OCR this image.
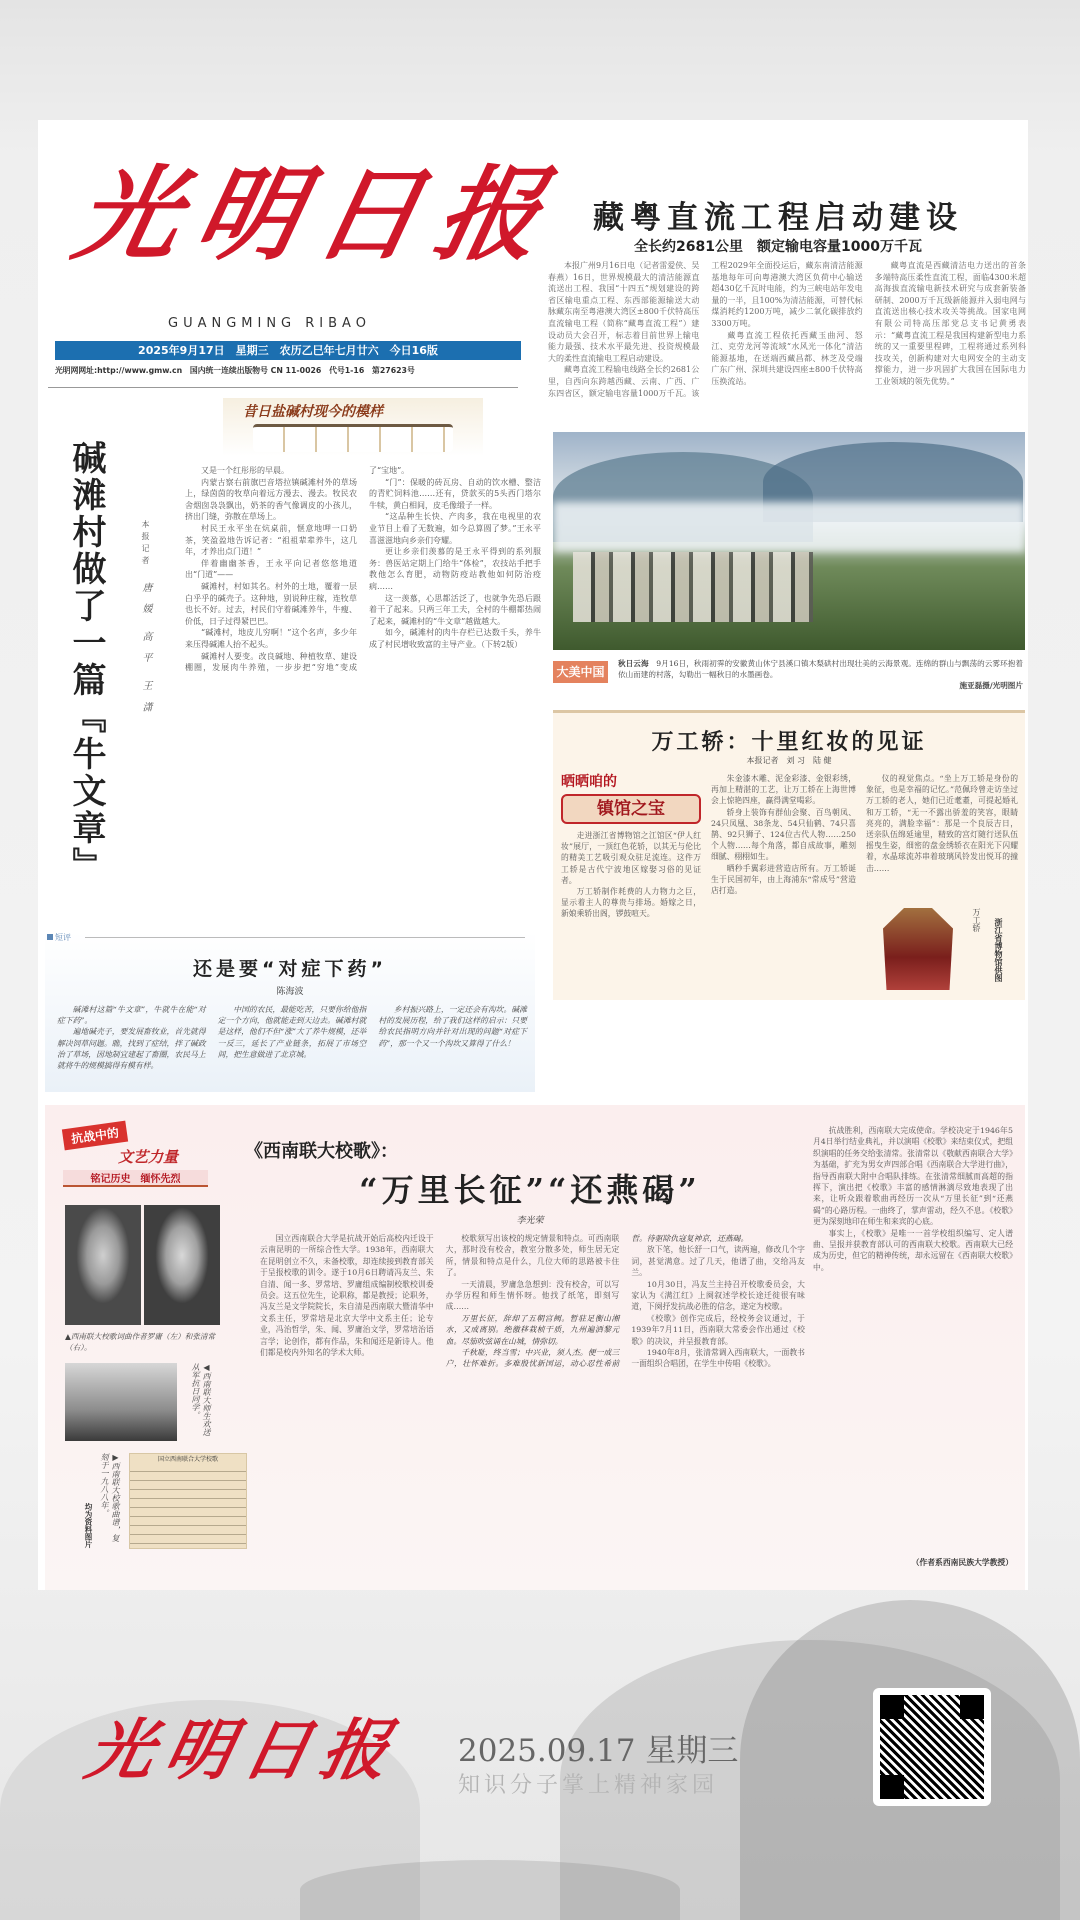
光明日报
GUANGMING RIBAO
2025年9月17日　星期三　农历乙巳年七月廿六　今日16版
光明网网址:http://www.gmw.cn　国内统一连续出版物号 CN 11-0026　代号1-16　第27623号
藏粤直流工程启动建设
全长约2681公里　额定输电容量1000万千瓦

本报广州9月16日电（记者雷爱侠、吴春燕）16日，世界规模最大的清洁能源直流送出工程、我国“十四五”规划建设的跨省区输电重点工程、东西部能源输送大动脉藏东南至粤港澳大湾区±800千伏特高压直流输电工程（简称“藏粤直流工程”）建设动员大会召开，标志着目前世界上输电能力最强、技术水平最先进、投资规模最大的柔性直流输电工程启动建设。

藏粤直流工程输电线路全长约2681公里，自西向东跨越西藏、云南、广西、广东四省区，额定输电容量1000万千瓦。该工程2029年全面投运后，藏东南清洁能源基地每年可向粤港澳大湾区负荷中心输送超430亿千瓦时电能，约为三峡电站年发电量的一半，且100%为清洁能源，可替代标煤消耗约1200万吨，减少二氧化碳排放约3300万吨。

藏粤直流工程依托西藏玉曲河、怒江、克劳龙河等流域“水风光一体化”清洁能源基地，在送端西藏昌都、林芝及受端广东广州、深圳共建设四座±800千伏特高压换流站。

藏粤直流是西藏清洁电力送出的首条多端特高压柔性直流工程，面临4300米超高海拔直流输电新技术研究与成套新装备研制、2000万千瓦级新能源并入弱电网与直流送出核心技术攻关等挑战。国家电网有限公司特高压部党总支书记黄勇表示：“藏粤直流工程是我国构建新型电力系统的又一重要里程碑，工程将通过系列科技攻关，创新构建对大电网安全的主动支撑能力，进一步巩固扩大我国在国际电力工业领域的领先优势。”

大美中国
秋日云海　 9月16日，秋雨初霁的安徽黄山休宁县溪口镇木梨硔村出现壮美的云海景观。连绵的群山与飘荡的云雾环抱着依山而建的村落，勾勒出一幅秋日的水墨画卷。
施亚磊摄/光明图片
万工轿：十里红妆的见证
本报记者　刘 习　陆 健
晒晒咱的
镇馆之宝

走进浙江省博物馆之江馆区“伊人红妆”展厅，一顶红色花轿，以其无与伦比的精美工艺吸引观众驻足流连。这件万工轿是古代宁波地区嫁娶习俗的见证者。

万工轿制作耗费的人力物力之巨，显示着主人的尊贵与排场。婚嫁之日，新娘乘轿出阁，锣鼓喧天。

朱金漆木雕、泥金彩漆、金银彩绣，再加上精湛的工艺，让万工轿在上海世博会上惊艳四座，赢得满堂喝彩。

轿身上装饰有群仙会聚、百鸟朝凤、24只凤凰、38条龙、54只仙鹤、74只喜鹊、92只狮子、124位古代人物……250个人物……每个角落，都自成故事，雕刻细腻、栩栩如生。

晒秒手翼彩进营造店所有。万工轿诞生于民国初年，由上海浦东“常成号”营造店打造。

仪的视觉焦点。“坐上万工轿是身份的象征，也是幸福的记忆。”范佩玲曾走访坐过万工轿的老人，她们已近耄耋，可提起婚礼和万工轿，“无一不露出骄羞的笑容，眼睛亮亮的，满脸幸福”：那是一个良辰吉日，送亲队伍绵延逾里，精致的宫灯随行送队伍摇曳生姿，细密的盘金绣轿衣在阳光下闪耀着，水晶球流苏串着玻璃风铃发出悦耳的撞击……

万工轿 浙江省博物馆供图
碱滩村做了一篇『牛文章』	本报记者　唐 媛　高 平　王 潇
昔日盐碱村现今的模样

又是一个红彤彤的早晨。

内蒙古察右前旗巴音塔拉镇碱滩村外的草场上，绿茵茵的牧草向着远方漫去、漫去。牧民农舍烟囱袅袅飘出，奶茶的香气像调皮的小孩儿，挤出门缝，弥散在草场上。

村民王永平坐在炕桌前，惬意地呷一口奶茶，笑盈盈地告诉记者：“祖祖辈辈养牛，这几年，才养出点门道！”

伴着幽幽茶香，王永平向记者悠悠地道出“门道”——

碱滩村，村如其名。村外的土地，覆着一层白乎乎的碱壳子。这种地，别说种庄稼，连牧草也长不好。过去，村民们守着碱滩养牛，牛瘦、价低，日子过得紧巴巴。

“碱滩村，地皮儿穷啊！”这个名声，多少年来压得碱滩人抬不起头。

碱滩村人要变。改良碱地、种植牧草、建设棚圈，发展肉牛养殖，一步步把“穷地”变成了“宝地”。

“门”：保暖的砖瓦房、自动的饮水槽、整洁的青贮饲料池……还有，贷款买的5头西门塔尔牛犊，黄白相间，皮毛像缎子一样。

“这品种生长快、产肉多，我在电视里的农业节目上看了无数遍，如今总算圆了梦。”王永平喜滋滋地向乡亲们夸耀。

更让乡亲们羡慕的是王永平得到的系列服务：兽医站定期上门给牛“体检”，农技站手把手教他怎么育肥，动物防疫站教他如何防治疫病……

这一羡慕，心思都活泛了，也就争先恐后跟着干了起来。只两三年工夫，全村的牛棚都热闹了起来，碱滩村的“牛文章”越做越大。

如今，碱滩村的肉牛存栏已达数千头，养牛成了村民增收致富的主导产业。（下转2版）

短评
还是要“对症下药”
陈海波

碱滩村这篇“牛文章”，牛就牛在能“对症下药”。

遍地碱壳子，要发展畜牧业，首先就得解决饲草问题。瞧，找到了症结，拌了碱政治了草场，因地制宜建起了畜圈，农民马上就将牛的规模搞得有模有样。

中国的农民，最能吃苦，只要你给他指定一个方向，他就能走到天边去。碱滩村就是这样，他们不但“涨”大了养牛规模，还举一反三，延长了产业链条，拓展了市场空间，把生意做进了北京城。

乡村振兴路上，一定还会有沟坎。碱滩村的发展历程，给了我们这样的启示：只要给农民指明方向并针对出现的问题“对症下药”，那一个又一个沟坎又算得了什么！

抗战中的
文艺力量
铭记历史　缅怀先烈
▲西南联大校歌词曲作者罗庸（左）和张清常（右）。
◀西南联大师生欢送从军抗日同学。
▶西南联大校歌曲谱，复刻于一九八八年。
均为资料图片
国立西南联合大学校歌
《西南联大校歌》：
“万里长征”“还燕碣”
李光荣

国立西南联合大学是抗战开始后高校内迁设于云南昆明的一所综合性大学。1938年，西南联大在昆明创立不久，未备校歌，却连续接到教育部关于呈报校歌的训令。遂于10月6日聘请冯友兰、朱自清、闻一多、罗常培、罗庸组成编制校歌校训委员会。这五位先生，论职称，都是教授；论职务，冯友兰是文学院院长，朱自清是西南联大暨清华中文系主任，罗常培是北京大学中文系主任；论专业，冯治哲学，朱、闻、罗庸治文学，罗常培治语言学；论创作，都有作品，朱和闻还是新诗人。他们都是校内外知名的学术大师。

校歌须写出该校的规定情景和特点。可西南联大，那时没有校舍，教室分散多处，师生居无定所，情景和特点是什么，几位大师的思路被卡住了。

一天清晨，罗庸急急想到：没有校舍，可以写办学历程和师生情怀呀。他找了纸笔，即刻写成……

万里长征，辞却了五朝宫阙。暂驻足衡山湘水，又成离别。绝徼移栽桢干质，九州遍洒黎元血。尽笳吹弦诵在山城，情弥切。

千秋耻，终当雪；中兴业，须人杰。便一成三户，壮怀难折。多难殷忧新国运，动心忍性希前哲。待驱除仇寇复神京，还燕碣。

放下笔，他长舒一口气，读两遍，修改几个字词，甚觉满意。过了几天，他谱了曲，交给冯友兰。

10月30日，冯友兰主持召开校歌委员会，大家认为《满江红》上阕叙述学校长途迁徙很有味道，下阕抒发抗战必胜的信念，遂定为校歌。

《校歌》创作完成后，经校务会议通过，于1939年7月11日，西南联大常委会作出通过《校歌》的决议，并呈报教育部。

1940年8月，张清常调入西南联大，一面教书一面组织合唱团，在学生中传唱《校歌》。

抗战胜利，西南联大完成使命。学校决定于1946年5月4日举行结业典礼，并以演唱《校歌》来结束仪式，把组织演唱的任务交给张清常。张清常以《敬献西南联合大学》为基础，扩充为男女声四部合唱《西南联合大学进行曲》，指导西南联大附中合唱队排练。在张清常细腻而高超的指挥下，演出把《校歌》丰富的感情淋漓尽致地表现了出来，让听众跟着歌曲再经历一次从“万里长征”到“还燕碣”的心路历程。一曲终了，掌声雷动，经久不息。《校歌》更为深刻地印在师生和来宾的心底。

事实上，《校歌》是唯一一首学校组织编写、定人谱曲、呈报并获教育部认可的西南联大校歌。西南联大已经成为历史，但它的精神传统，却永远留在《西南联大校歌》中。

（作者系西南民族大学教授）
光明日报 2025.09.17 星期三
知识分子掌上精神家园
